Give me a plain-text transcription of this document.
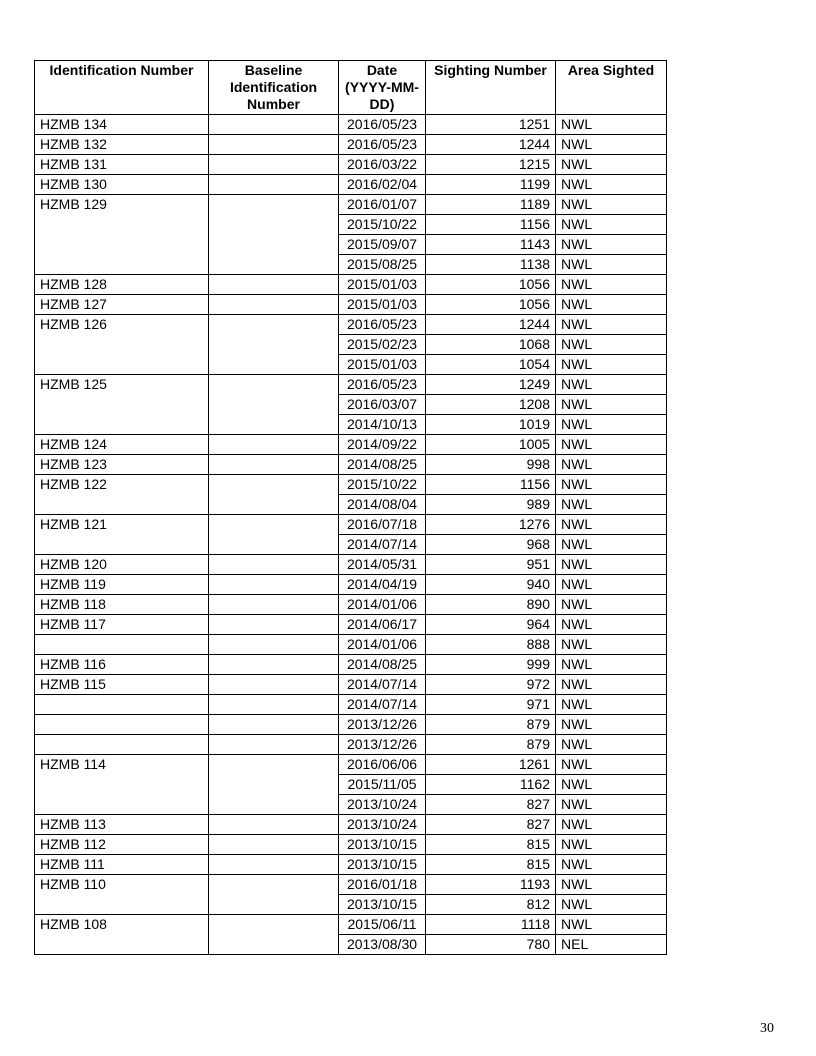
Identification Number	Baseline Identification Number	Date (YYYY-MM-DD)	Sighting Number	Area Sighted
HZMB 134		2016/05/23	1251	NWL
HZMB 132		2016/05/23	1244	NWL
HZMB 131		2016/03/22	1215	NWL
HZMB 130		2016/02/04	1199	NWL
HZMB 129		2016/01/07	1189	NWL
		2015/10/22	1156	NWL
		2015/09/07	1143	NWL
		2015/08/25	1138	NWL
HZMB 128		2015/01/03	1056	NWL
HZMB 127		2015/01/03	1056	NWL
HZMB 126		2016/05/23	1244	NWL
		2015/02/23	1068	NWL
		2015/01/03	1054	NWL
HZMB 125		2016/05/23	1249	NWL
		2016/03/07	1208	NWL
		2014/10/13	1019	NWL
HZMB 124		2014/09/22	1005	NWL
HZMB 123		2014/08/25	998	NWL
HZMB 122		2015/10/22	1156	NWL
		2014/08/04	989	NWL
HZMB 121		2016/07/18	1276	NWL
		2014/07/14	968	NWL
HZMB 120		2014/05/31	951	NWL
HZMB 119		2014/04/19	940	NWL
HZMB 118		2014/01/06	890	NWL
HZMB 117		2014/06/17	964	NWL
		2014/01/06	888	NWL
HZMB 116		2014/08/25	999	NWL
HZMB 115		2014/07/14	972	NWL
		2014/07/14	971	NWL
		2013/12/26	879	NWL
		2013/12/26	879	NWL
HZMB 114		2016/06/06	1261	NWL
		2015/11/05	1162	NWL
		2013/10/24	827	NWL
HZMB 113		2013/10/24	827	NWL
HZMB 112		2013/10/15	815	NWL
HZMB 111		2013/10/15	815	NWL
HZMB 110		2016/01/18	1193	NWL
		2013/10/15	812	NWL
HZMB 108		2015/06/11	1118	NWL
		2013/08/30	780	NEL
30
